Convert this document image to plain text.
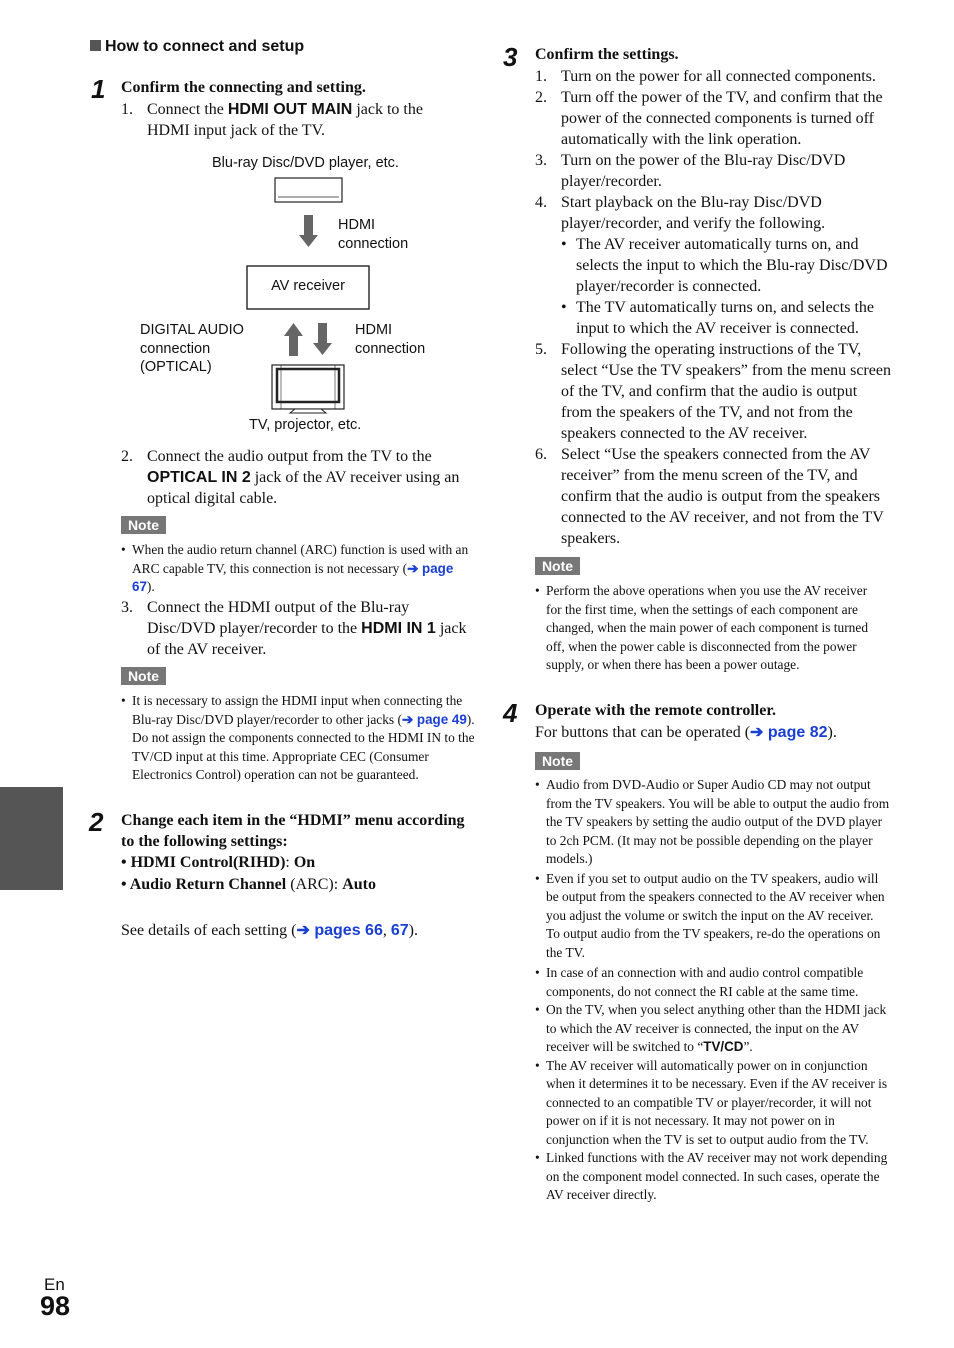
How to connect and setup
1 Confirm the connecting and setting.
1. Connect the HDMI OUT MAIN jack to the HDMI input jack of the TV.
Blu-ray Disc/DVD player, etc.
HDMI
connection
AV receiver
DIGITAL AUDIO
connection
(OPTICAL)
HDMI
connection
TV, projector, etc.
2. Connect the audio output from the TV to the OPTICAL IN 2 jack of the AV receiver using an optical digital cable.
Note
• When the audio return channel (ARC) function is used with an ARC capable TV, this connection is not necessary (➔ page 67).
3. Connect the HDMI output of the Blu-ray Disc/DVD player/recorder to the HDMI IN 1 jack of the AV receiver.
Note
• It is necessary to assign the HDMI input when connecting the Blu-ray Disc/DVD player/recorder to other jacks (➔ page 49). Do not assign the components connected to the HDMI IN to the TV/CD input at this time. Appropriate CEC (Consumer Electronics Control) operation can not be guaranteed.
2 Change each item in the “HDMI” menu according to the following settings:
• HDMI Control(RIHD): On
• Audio Return Channel (ARC): Auto
See details of each setting (➔ pages 66, 67).
3 Confirm the settings.
1. Turn on the power for all connected components.
2. Turn off the power of the TV, and confirm that the power of the connected components is turned off automatically with the link operation.
3. Turn on the power of the Blu-ray Disc/DVD player/recorder.
4. Start playback on the Blu-ray Disc/DVD player/recorder, and verify the following.
• The AV receiver automatically turns on, and selects the input to which the Blu-ray Disc/DVD player/recorder is connected.
• The TV automatically turns on, and selects the input to which the AV receiver is connected.
5. Following the operating instructions of the TV, select “Use the TV speakers” from the menu screen of the TV, and confirm that the audio is output from the speakers of the TV, and not from the speakers connected to the AV receiver.
6. Select “Use the speakers connected from the AV receiver” from the menu screen of the TV, and confirm that the audio is output from the speakers connected to the AV receiver, and not from the TV speakers.
Note
• Perform the above operations when you use the AV receiver for the first time, when the settings of each component are changed, when the main power of each component is turned off, when the power cable is disconnected from the power supply, or when there has been a power outage.
4 Operate with the remote controller.
For buttons that can be operated (➔ page 82).
Note
• Audio from DVD-Audio or Super Audio CD may not output from the TV speakers. You will be able to output the audio from the TV speakers by setting the audio output of the DVD player to 2ch PCM. (It may not be possible depending on the player models.)
• Even if you set to output audio on the TV speakers, audio will be output from the speakers connected to the AV receiver when you adjust the volume or switch the input on the AV receiver. To output audio from the TV speakers, re-do the operations on the TV.
• In case of an connection with and audio control compatible components, do not connect the RI cable at the same time.
• On the TV, when you select anything other than the HDMI jack to which the AV receiver is connected, the input on the AV receiver will be switched to “TV/CD”.
• The AV receiver will automatically power on in conjunction when it determines it to be necessary. Even if the AV receiver is connected to an compatible TV or player/recorder, it will not power on if it is not necessary. It may not power on in conjunction when the TV is set to output audio from the TV.
• Linked functions with the AV receiver may not work depending on the component model connected. In such cases, operate the AV receiver directly.
En
98
